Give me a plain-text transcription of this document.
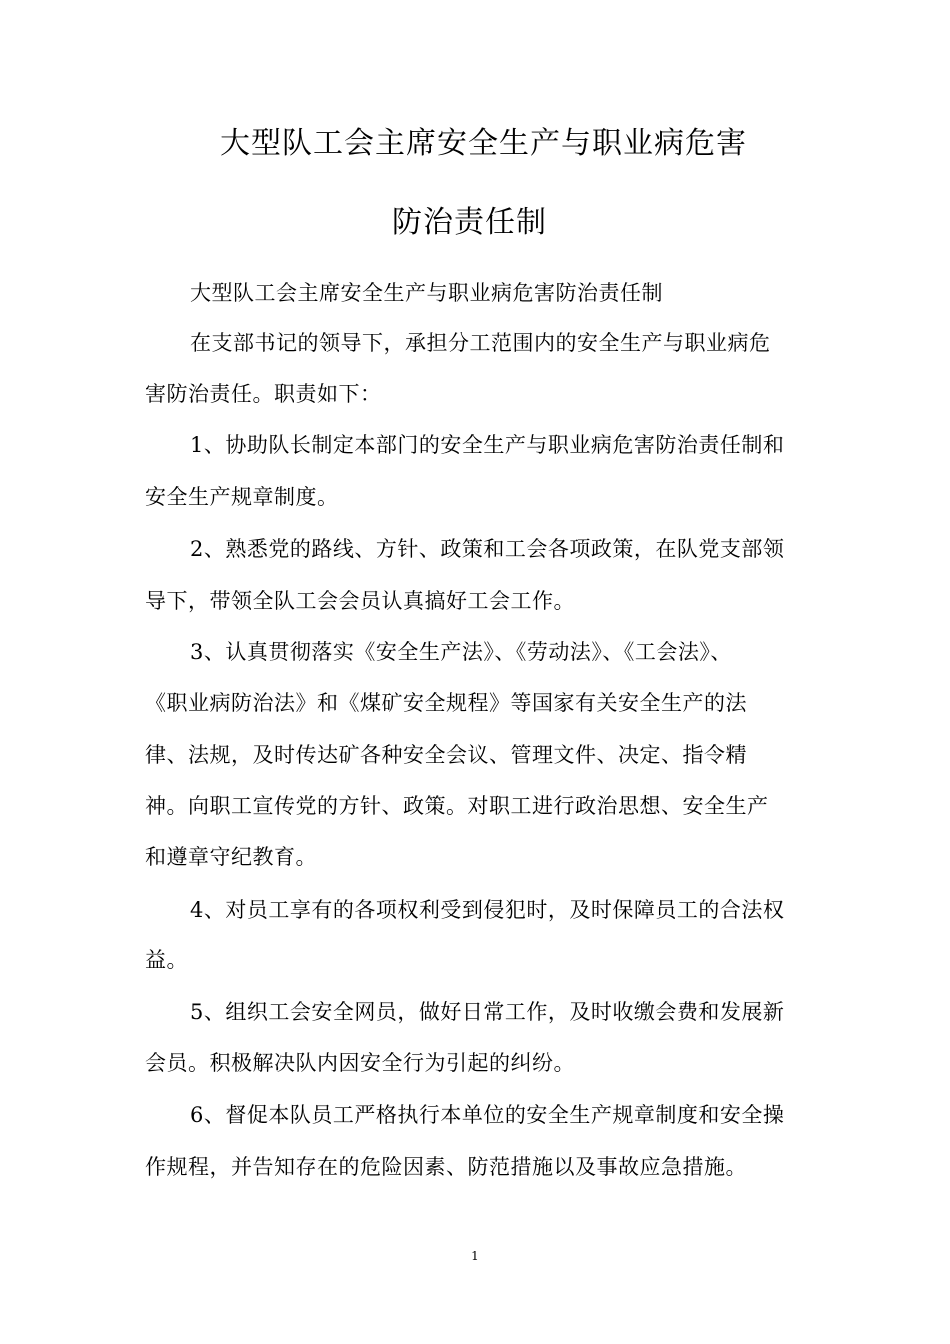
大型队工会主席安全生产与职业病危害
防治责任制
大型队工会主席安全生产与职业病危害防治责任制
在支部书记的领导下，承担分工范围内的安全生产与职业病危
害防治责任。职责如下：
1、协助队长制定本部门的安全生产与职业病危害防治责任制和
安全生产规章制度。
2、熟悉党的路线、方针、政策和工会各项政策，在队党支部领
导下，带领全队工会会员认真搞好工会工作。
3、认真贯彻落实《安全生产法》、《劳动法》、《工会法》、
《职业病防治法》和《煤矿安全规程》等国家有关安全生产的法
律、法规，及时传达矿各种安全会议、管理文件、决定、指令精
神。向职工宣传党的方针、政策。对职工进行政治思想、安全生产
和遵章守纪教育。
4、对员工享有的各项权利受到侵犯时，及时保障员工的合法权
益。
5、组织工会安全网员，做好日常工作，及时收缴会费和发展新
会员。积极解决队内因安全行为引起的纠纷。
6、督促本队员工严格执行本单位的安全生产规章制度和安全操
作规程，并告知存在的危险因素、防范措施以及事故应急措施。
1
